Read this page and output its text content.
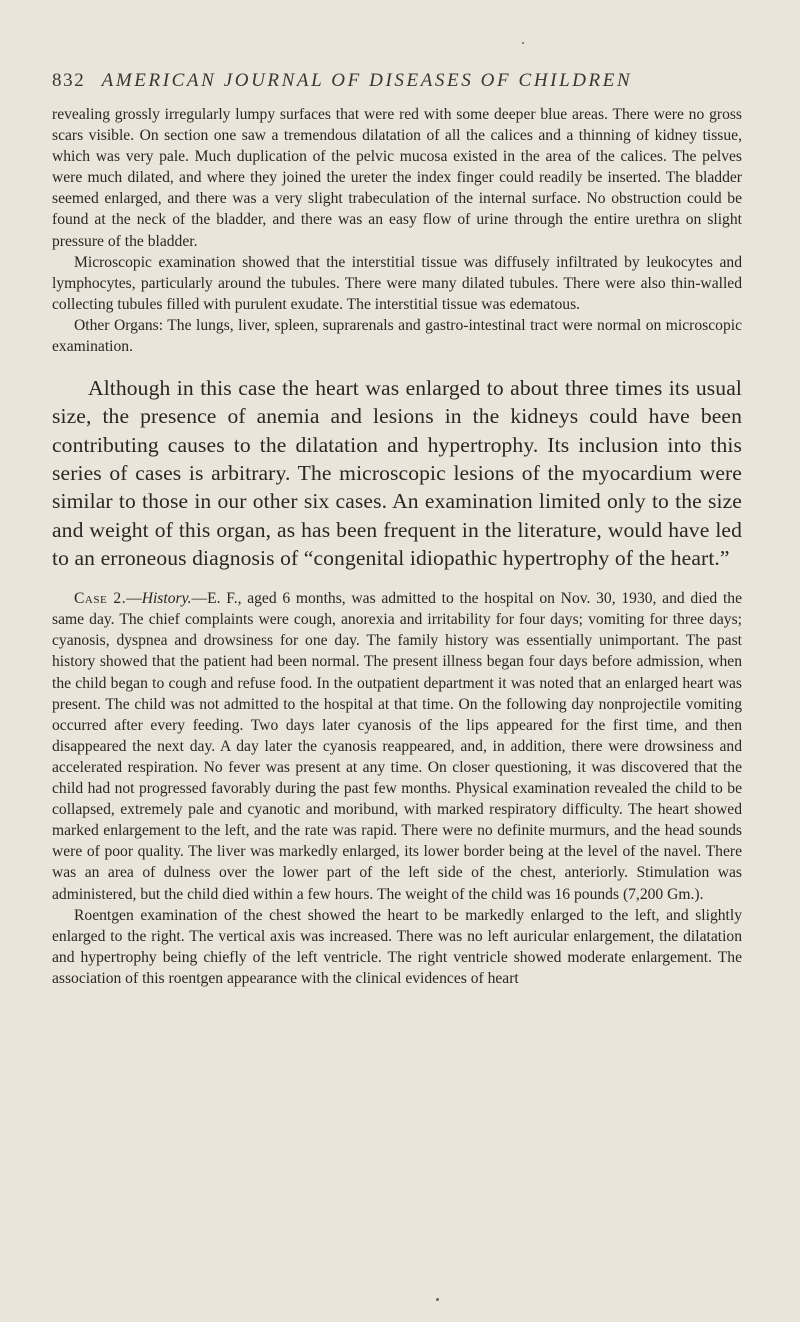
832 AMERICAN JOURNAL OF DISEASES OF CHILDREN

revealing grossly irregularly lumpy surfaces that were red with some deeper blue areas. There were no gross scars visible. On section one saw a tremendous dilatation of all the calices and a thinning of kidney tissue, which was very pale. Much duplication of the pelvic mucosa existed in the area of the calices. The pelves were much dilated, and where they joined the ureter the index finger could readily be inserted. The bladder seemed enlarged, and there was a very slight trabeculation of the internal surface. No obstruction could be found at the neck of the bladder, and there was an easy flow of urine through the entire urethra on slight pressure of the bladder.

Microscopic examination showed that the interstitial tissue was diffusely infiltrated by leukocytes and lymphocytes, particularly around the tubules. There were many dilated tubules. There were also thin-walled collecting tubules filled with purulent exudate. The interstitial tissue was edematous.

Other Organs: The lungs, liver, spleen, suprarenals and gastro-intestinal tract were normal on microscopic examination.

Although in this case the heart was enlarged to about three times its usual size, the presence of anemia and lesions in the kidneys could have been contributing causes to the dilatation and hypertrophy. Its inclusion into this series of cases is arbitrary. The microscopic lesions of the myocardium were similar to those in our other six cases. An examination limited only to the size and weight of this organ, as has been frequent in the literature, would have led to an erroneous diagnosis of “congenital idiopathic hypertrophy of the heart.”

Case 2.—History.—E. F., aged 6 months, was admitted to the hospital on Nov. 30, 1930, and died the same day. The chief complaints were cough, anorexia and irritability for four days; vomiting for three days; cyanosis, dyspnea and drowsiness for one day. The family history was essentially unimportant. The past history showed that the patient had been normal. The present illness began four days before admission, when the child began to cough and refuse food. In the outpatient department it was noted that an enlarged heart was present. The child was not admitted to the hospital at that time. On the following day nonprojectile vomiting occurred after every feeding. Two days later cyanosis of the lips appeared for the first time, and then disappeared the next day. A day later the cyanosis reappeared, and, in addition, there were drowsiness and accelerated respiration. No fever was present at any time. On closer questioning, it was discovered that the child had not progressed favorably during the past few months. Physical examination revealed the child to be collapsed, extremely pale and cyanotic and moribund, with marked respiratory difficulty. The heart showed marked enlargement to the left, and the rate was rapid. There were no definite murmurs, and the head sounds were of poor quality. The liver was markedly enlarged, its lower border being at the level of the navel. There was an area of dulness over the lower part of the left side of the chest, anteriorly. Stimulation was administered, but the child died within a few hours. The weight of the child was 16 pounds (7,200 Gm.).

Roentgen examination of the chest showed the heart to be markedly enlarged to the left, and slightly enlarged to the right. The vertical axis was increased. There was no left auricular enlargement, the dilatation and hypertrophy being chiefly of the left ventricle. The right ventricle showed moderate enlargement. The association of this roentgen appearance with the clinical evidences of heart
